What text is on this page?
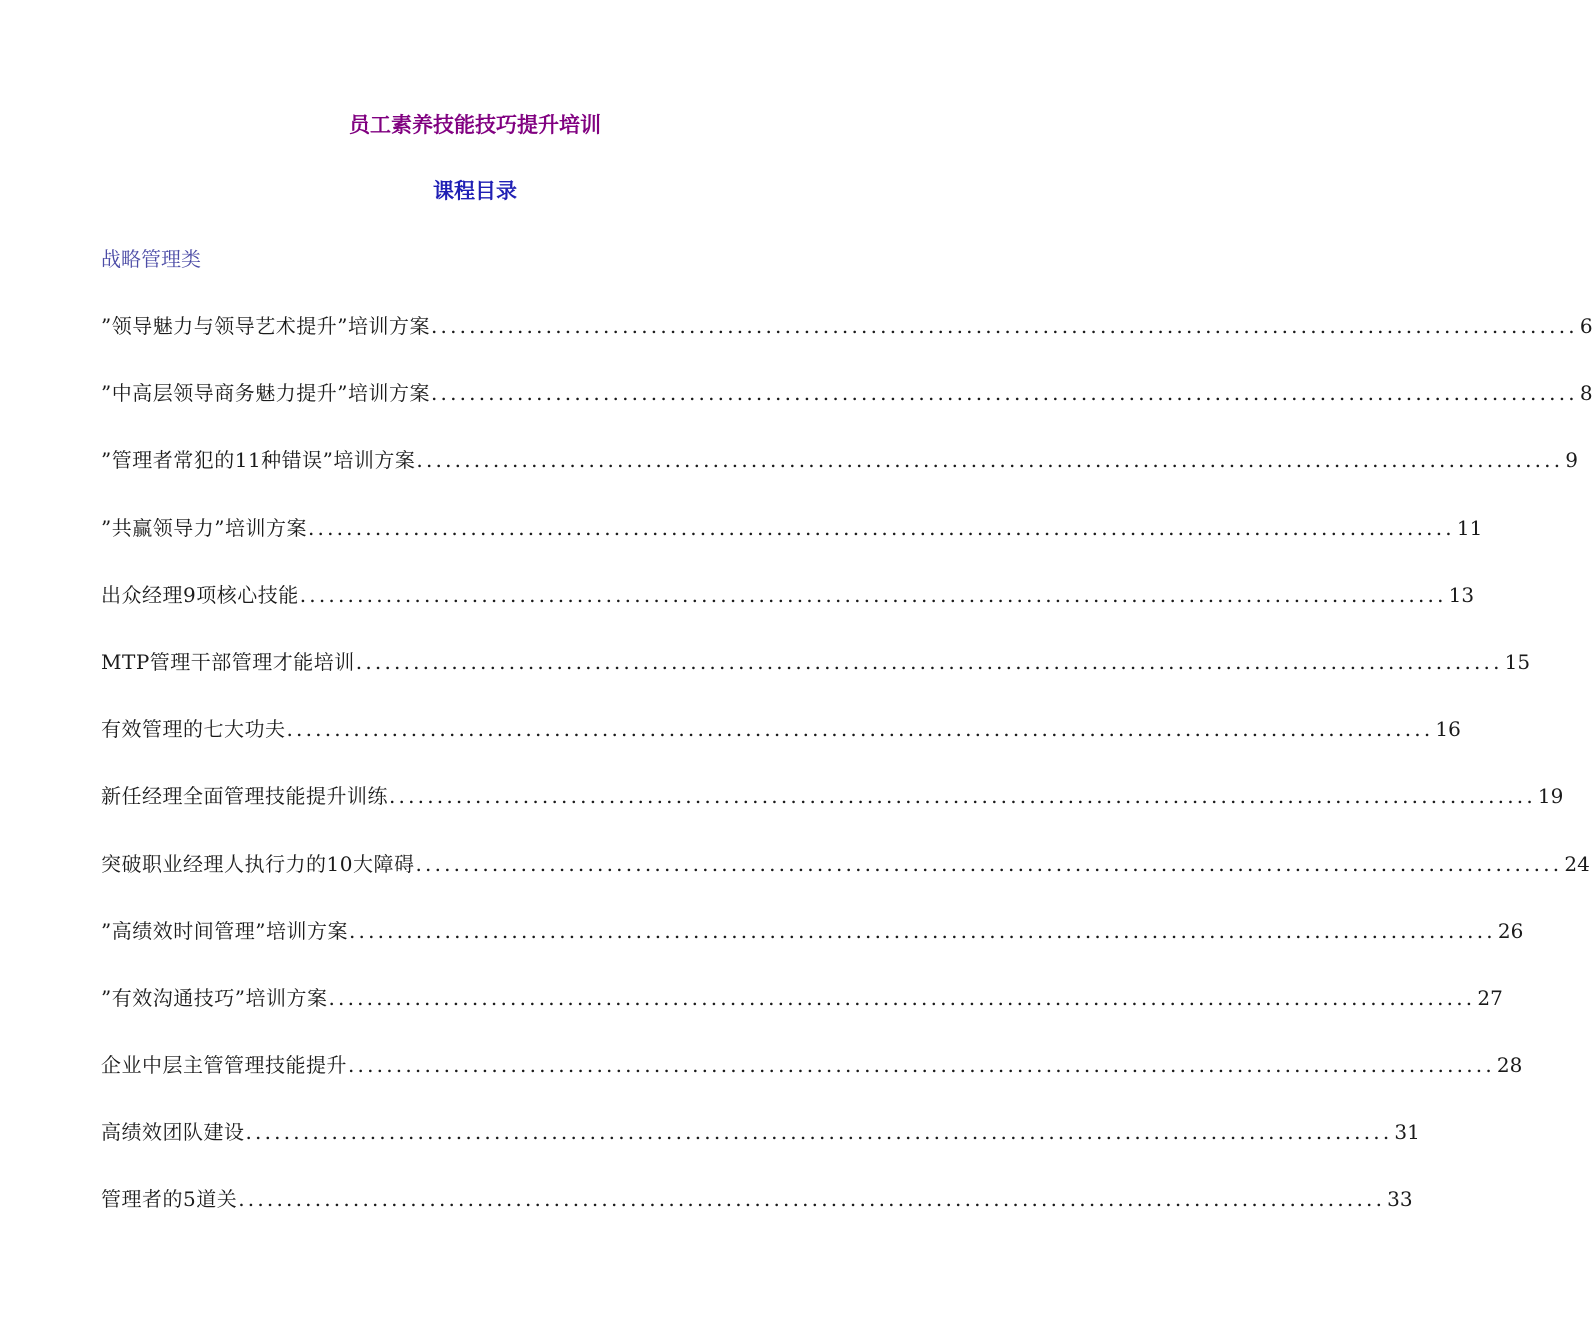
员工素养技能技巧提升培训
课程目录
战略管理类
”领导魅力与领导艺术提升”培训方案 ........................................................................................................................ 6
”中高层领导商务魅力提升”培训方案 ........................................................................................................................ 8
”管理者常犯的11种错误”培训方案 ........................................................................................................................ 9
”共赢领导力”培训方案 ........................................................................................................................ 11
出众经理9项核心技能 ........................................................................................................................ 13
MTP管理干部管理才能培训 ........................................................................................................................ 15
有效管理的七大功夫 ........................................................................................................................ 16
新任经理全面管理技能提升训练 ........................................................................................................................ 19
突破职业经理人执行力的10大障碍 ........................................................................................................................ 24
”高绩效时间管理”培训方案 ........................................................................................................................ 26
”有效沟通技巧”培训方案 ........................................................................................................................ 27
企业中层主管管理技能提升 ........................................................................................................................ 28
高绩效团队建设 ........................................................................................................................ 31
管理者的5道关 ........................................................................................................................ 33
